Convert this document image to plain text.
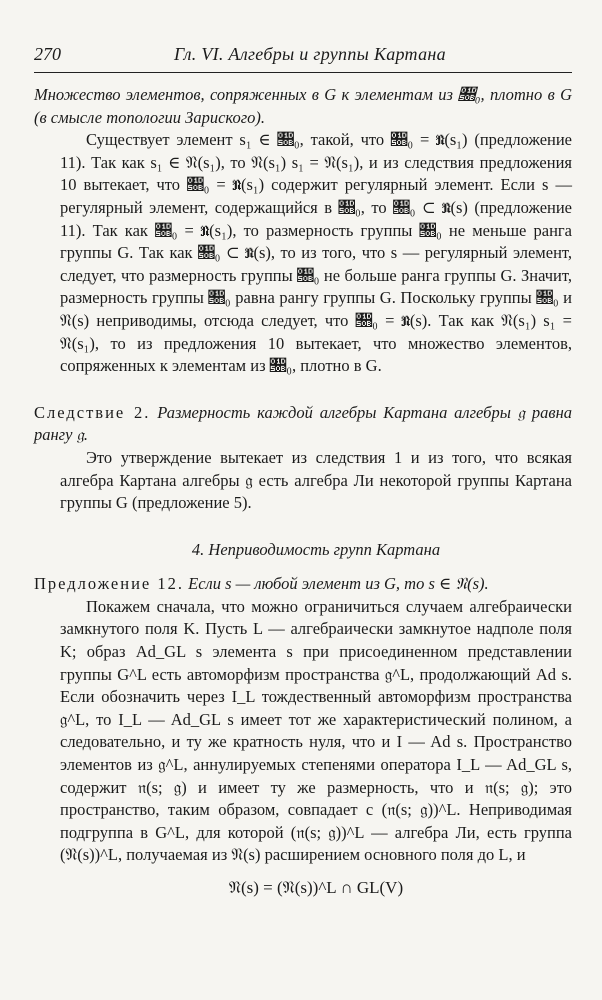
270	Гл. VI. Алгебры и группы Картана

Множество элементов, сопряженных в G к элементам из 𝔋₀, плотно в G (в смысле топологии Зариского).

Существует элемент s₁ ∈ 𝔋₀, такой, что 𝔋₀ = 𝔑(s₁) (предложение 11). Так как s₁ ∈ 𝔑(s₁), то 𝔑(s₁) s₁ = 𝔑(s₁), и из следствия предложения 10 вытекает, что 𝔋₀ = 𝔑(s₁) содержит регулярный элемент. Если s — регулярный элемент, содержащийся в 𝔋₀, то 𝔋₀ ⊂ 𝔑(s) (предложение 11). Так как 𝔋₀ = 𝔑(s₁), то размерность группы 𝔋₀ не меньше ранга группы G. Так как 𝔋₀ ⊂ 𝔑(s), то из того, что s — регулярный элемент, следует, что размерность группы 𝔋₀ не больше ранга группы G. Значит, размерность группы 𝔋₀ равна рангу группы G. Поскольку группы 𝔋₀ и 𝔑(s) неприводимы, отсюда следует, что 𝔋₀ = 𝔑(s). Так как 𝔑(s₁) s₁ = 𝔑(s₁), то из предложения 10 вытекает, что множество элементов, сопряженных к элементам из 𝔋₀, плотно в G.

Следствие 2. Размерность каждой алгебры Картана алгебры 𝔤 равна рангу 𝔤.

Это утверждение вытекает из следствия 1 и из того, что всякая алгебра Картана алгебры 𝔤 есть алгебра Ли некоторой группы Картана группы G (предложение 5).

4. Неприводимость групп Картана

Предложение 12. Если s — любой элемент из G, то s ∈ 𝔑(s).

Покажем сначала, что можно ограничиться случаем алгебраически замкнутого поля K. Пусть L — алгебраически замкнутое надполе поля K; образ Ad_GL s элемента s при присоединенном представлении группы G^L есть автоморфизм пространства 𝔤^L, продолжающий Ad s. Если обозначить через I_L тождественный автоморфизм пространства 𝔤^L, то I_L — Ad_GL s имеет тот же характеристический полином, а следовательно, и ту же кратность нуля, что и I — Ad s. Пространство элементов из 𝔤^L, аннулируемых степенями оператора I_L — Ad_GL s, содержит 𝔫(s; 𝔤) и имеет ту же размерность, что и 𝔫(s; 𝔤); это пространство, таким образом, совпадает с (𝔫(s; 𝔤))^L. Неприводимая подгруппа в G^L, для которой (𝔫(s; 𝔤))^L — алгебра Ли, есть группа (𝔑(s))^L, получаемая из 𝔑(s) расширением основного поля до L, и

𝔑(s) = (𝔑(s))^L ∩ GL(V)
